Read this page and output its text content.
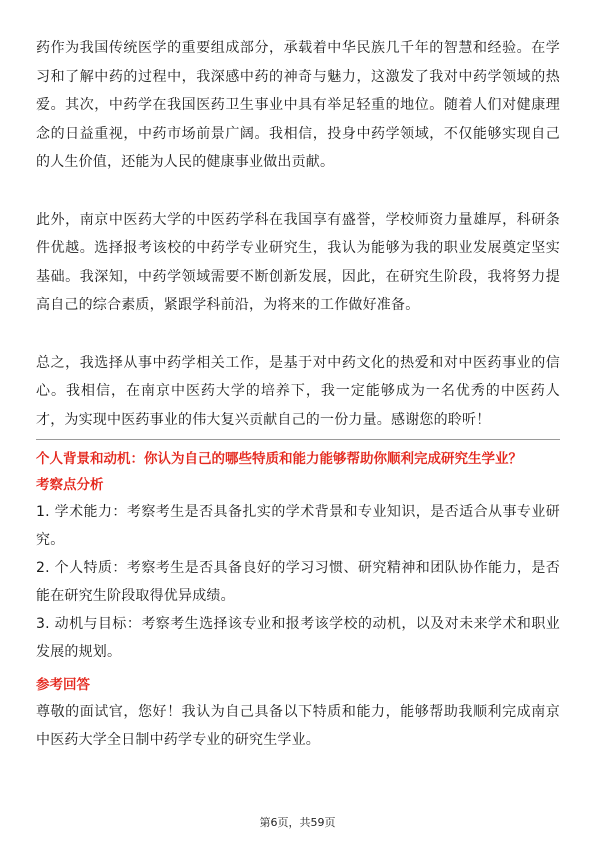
药作为我国传统医学的重要组成部分，承载着中华民族几千年的智慧和经验。在学习和了解中药的过程中，我深感中药的神奇与魅力，这激发了我对中药学领域的热爱。其次，中药学在我国医药卫生事业中具有举足轻重的地位。随着人们对健康理念的日益重视，中药市场前景广阔。我相信，投身中药学领域，不仅能够实现自己的人生价值，还能为人民的健康事业做出贡献。

此外，南京中医药大学的中医药学科在我国享有盛誉，学校师资力量雄厚，科研条件优越。选择报考该校的中药学专业研究生，我认为能够为我的职业发展奠定坚实基础。我深知，中药学领域需要不断创新发展，因此，在研究生阶段，我将努力提高自己的综合素质，紧跟学科前沿，为将来的工作做好准备。

总之，我选择从事中药学相关工作，是基于对中药文化的热爱和对中医药事业的信心。我相信，在南京中医药大学的培养下，我一定能够成为一名优秀的中医药人才，为实现中医药事业的伟大复兴贡献自己的一份力量。感谢您的聆听！

个人背景和动机：你认为自己的哪些特质和能力能够帮助你顺利完成研究生学业？

考察点分析

1. 学术能力：考察考生是否具备扎实的学术背景和专业知识，是否适合从事专业研究。

2. 个人特质：考察考生是否具备良好的学习习惯、研究精神和团队协作能力，是否能在研究生阶段取得优异成绩。

3. 动机与目标：考察考生选择该专业和报考该学校的动机，以及对未来学术和职业发展的规划。

参考回答

尊敬的面试官，您好！我认为自己具备以下特质和能力，能够帮助我顺利完成南京中医药大学全日制中药学专业的研究生学业。

第6页，共59页
